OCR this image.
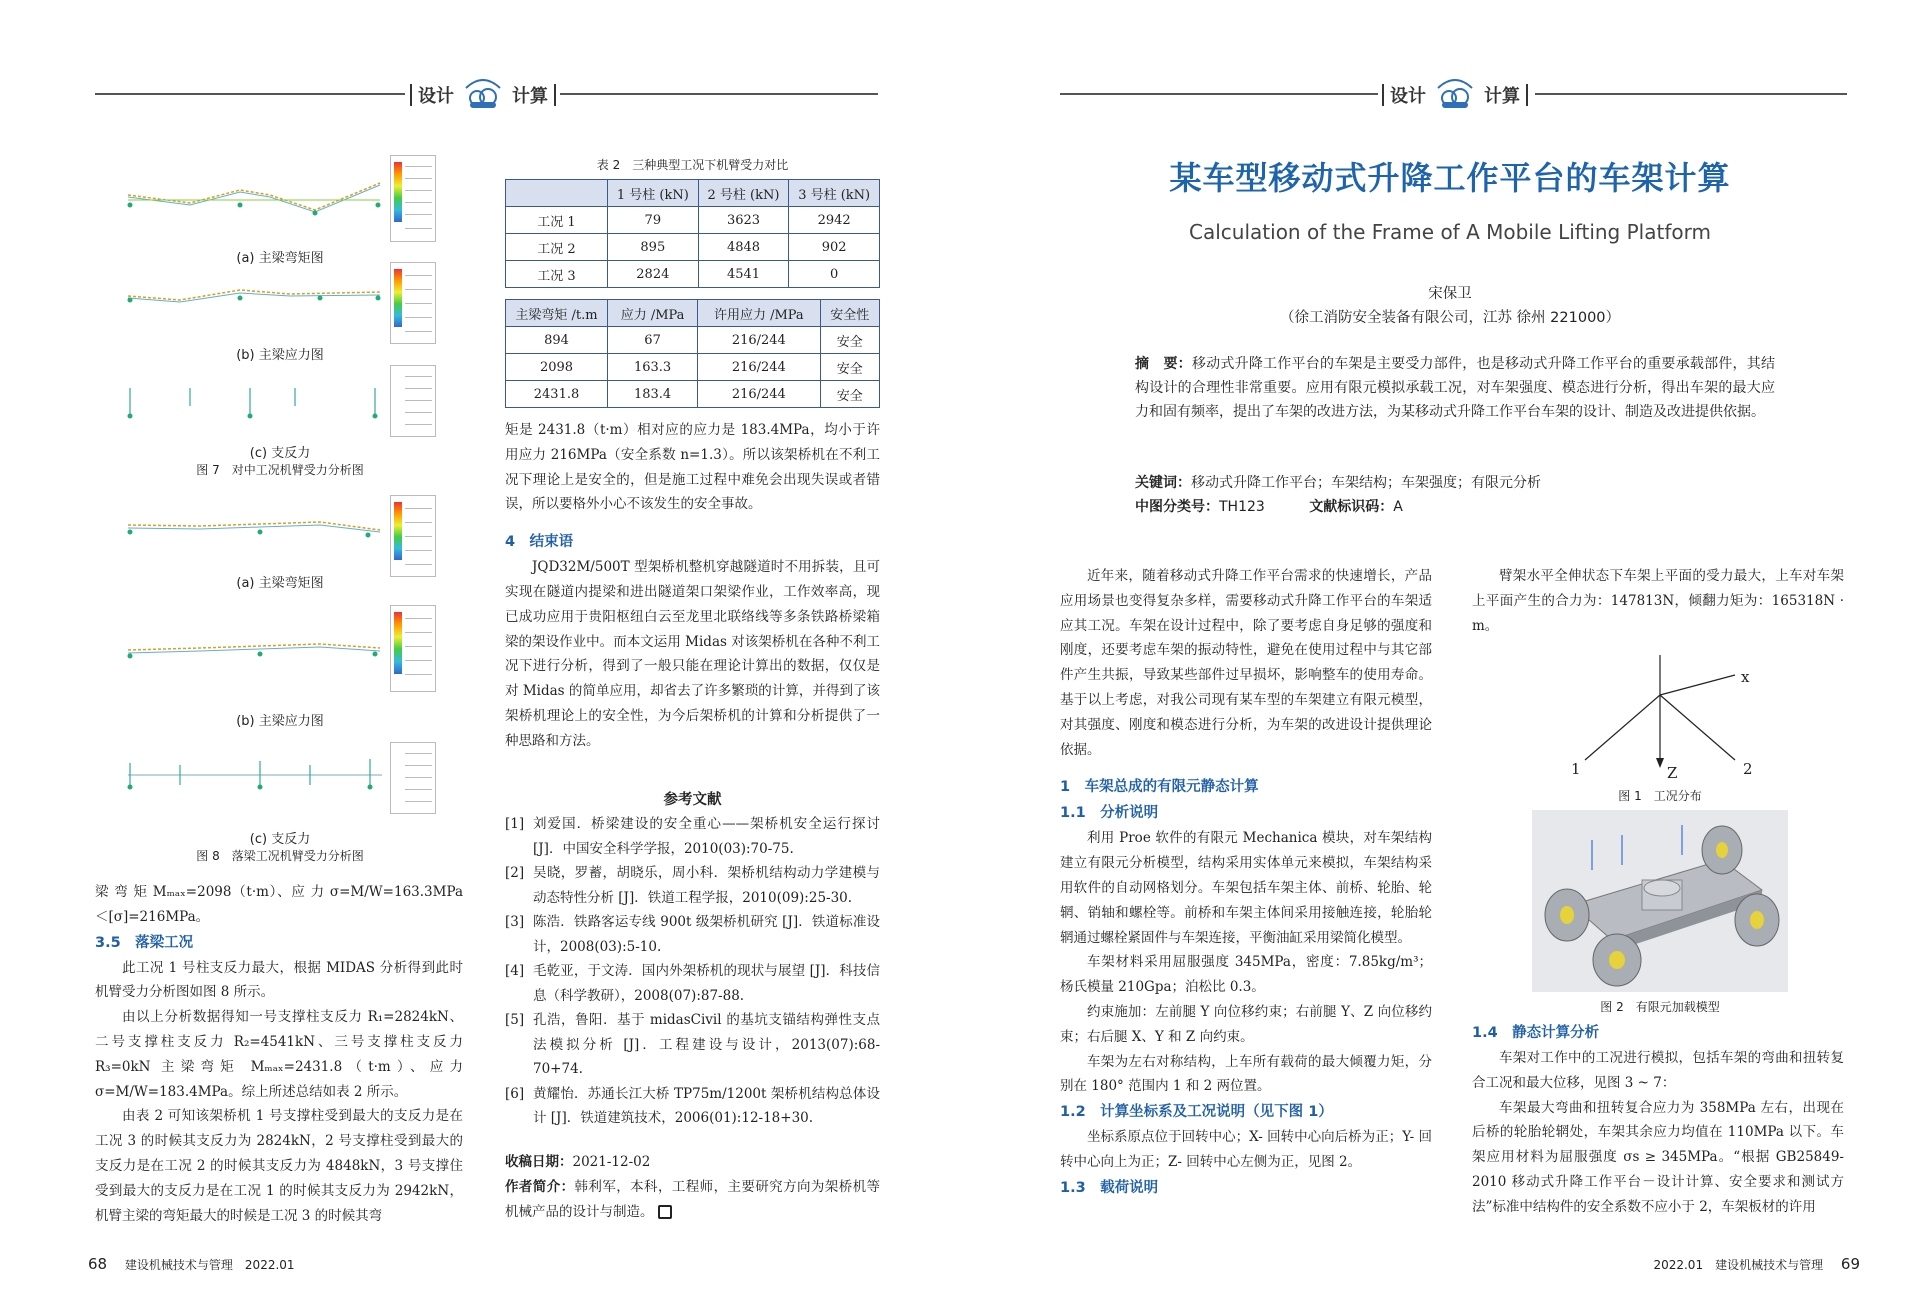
设计	计算	设计	计算
(a) 主梁弯矩图
(b) 主梁应力图
(c) 支反力
图 7　对中工况机臂受力分析图
(a) 主梁弯矩图
(b) 主梁应力图
(c) 支反力
图 8　落梁工况机臂受力分析图

梁 弯 矩 Mₘₐₓ=2098（t·m）、应 力 σ=M/W=163.3MPa＜[σ]=216MPa。

3.5　落梁工况

此工况 1 号柱支反力最大，根据 MIDAS 分析得到此时机臂受力分析图如图 8 所示。

由以上分析数据得知一号支撑柱支反力 R₁=2824kN、二号支撑柱支反力 R₂=4541kN、三号支撑柱支反力 R₃=0kN 主梁弯矩 Mₘₐₓ=2431.8（t·m）、应力 σ=M/W=183.4MPa。综上所述总结如表 2 所示。

由表 2 可知该架桥机 1 号支撑柱受到最大的支反力是在工况 3 的时候其支反力为 2824kN，2 号支撑柱受到最大的支反力是在工况 2 的时候其支反力为 4848kN，3 号支撑住受到最大的支反力是在工况 1 的时候其支反力为 2942kN，机臂主梁的弯矩最大的时候是工况 3 的时候其弯

表 2　三种典型工况下机臂受力对比
	1 号柱 (kN)	2 号柱 (kN)	3 号柱 (kN)
工况 1	79	3623	2942
工况 2	895	4848	902
工况 3	2824	4541	0
主梁弯矩 /t.m	应力 /MPa	许用应力 /MPa	安全性
894	67	216/244	安全
2098	163.3	216/244	安全
2431.8	183.4	216/244	安全

矩是 2431.8（t·m）相对应的应力是 183.4MPa，均小于许用应力 216MPa（安全系数 n=1.3）。所以该架桥机在不利工况下理论上是安全的，但是施工过程中难免会出现失误或者错误，所以要格外小心不该发生的安全事故。

4　结束语

JQD32M/500T 型架桥机整机穿越隧道时不用拆装，且可实现在隧道内提梁和进出隧道架口架梁作业，工作效率高，现已成功应用于贵阳枢纽白云至龙里北联络线等多条铁路桥梁箱梁的架设作业中。而本文运用 Midas 对该架桥机在各种不利工况下进行分析，得到了一般只能在理论计算出的数据，仅仅是对 Midas 的简单应用，却省去了许多繁琐的计算，并得到了该架桥机理论上的安全性，为今后架桥机的计算和分析提供了一种思路和方法。

参考文献
[1] 刘爱国．桥梁建设的安全重心——架桥机安全运行探讨 [J]．中国安全科学学报，2010(03):70-75.
[2] 吴晓，罗蓄，胡晓乐，周小科．架桥机结构动力学建模与动态特性分析 [J]．铁道工程学报，2010(09):25-30.
[3] 陈浩．铁路客运专线 900t 级架桥机研究 [J]．铁道标准设计，2008(03):5-10.
[4] 毛乾亚，于文涛．国内外架桥机的现状与展望 [J]．科技信息（科学教研），2008(07):87-88.
[5] 孔浩，鲁阳．基于 midasCivil 的基坑支锚结构弹性支点法模拟分析 [J]．工程建设与设计，2013(07):68-70+74.
[6] 黄耀怡．苏通长江大桥 TP75m/1200t 架桥机结构总体设计 [J]．铁道建筑技术，2006(01):12-18+30.
收稿日期：2021-12-02
作者简介：韩利军，本科，工程师，主要研究方向为架桥机等机械产品的设计与制造。
68 建设机械技术与管理　2022.01
某车型移动式升降工作平台的车架计算
Calculation of the Frame of A Mobile Lifting Platform
宋保卫
（徐工消防安全装备有限公司，江苏 徐州 221000）
摘　要：移动式升降工作平台的车架是主要受力部件，也是移动式升降工作平台的重要承载部件，其结构设计的合理性非常重要。应用有限元模拟承载工况，对车架强度、模态进行分析，得出车架的最大应力和固有频率，提出了车架的改进方法，为某移动式升降工作平台车架的设计、制造及改进提供依据。
关键词：移动式升降工作平台；车架结构；车架强度；有限元分析
中图分类号：TH123	文献标识码：A

近年来，随着移动式升降工作平台需求的快速增长，产品应用场景也变得复杂多样，需要移动式升降工作平台的车架适应其工况。车架在设计过程中，除了要考虑自身足够的强度和刚度，还要考虑车架的振动特性，避免在使用过程中与其它部件产生共振，导致某些部件过早损坏，影响整车的使用寿命。基于以上考虑，对我公司现有某车型的车架建立有限元模型，对其强度、刚度和模态进行分析，为车架的改进设计提供理论依据。

1　车架总成的有限元静态计算
1.1　分析说明

利用 Proe 软件的有限元 Mechanica 模块，对车架结构建立有限元分析模型，结构采用实体单元来模拟，车架结构采用软件的自动网格划分。车架包括车架主体、前桥、轮胎、轮辋、销轴和螺栓等。前桥和车架主体间采用接触连接，轮胎轮辋通过螺栓紧固件与车架连接，平衡油缸采用梁简化模型。

车架材料采用屈服强度 345MPa，密度：7.85kg/m³；杨氏模量 210Gpa；泊松比 0.3。

约束施加：左前腿 Y 向位移约束；右前腿 Y、Z 向位移约束；右后腿 X、Y 和 Z 向约束。

车架为左右对称结构，上车所有载荷的最大倾覆力矩，分别在 180° 范围内 1 和 2 两位置。

1.2　计算坐标系及工况说明（见下图 1）

坐标系原点位于回转中心；X- 回转中心向后桥为正；Y- 回转中心向上为正；Z- 回转中心左侧为正，见图 2。

1.3　载荷说明

臂架水平全伸状态下车架上平面的受力最大，上车对车架上平面产生的合力为：147813N，倾翻力矩为：165318N · m。

x
Z
1	2
图 1　工况分布
图 2　有限元加载模型
1.4　静态计算分析

车架对工作中的工况进行模拟，包括车架的弯曲和扭转复合工况和最大位移，见图 3 ~ 7：

车架最大弯曲和扭转复合应力为 358MPa 左右，出现在后桥的轮胎轮辋处，车架其余应力均值在 110MPa 以下。车架应用材料为屈服强度 σs ≥ 345MPa。“根据 GB25849-2010 移动式升降工作平台－设计计算、安全要求和测试方法”标准中结构件的安全系数不应小于 2，车架板材的许用

2022.01　建设机械技术与管理 69
